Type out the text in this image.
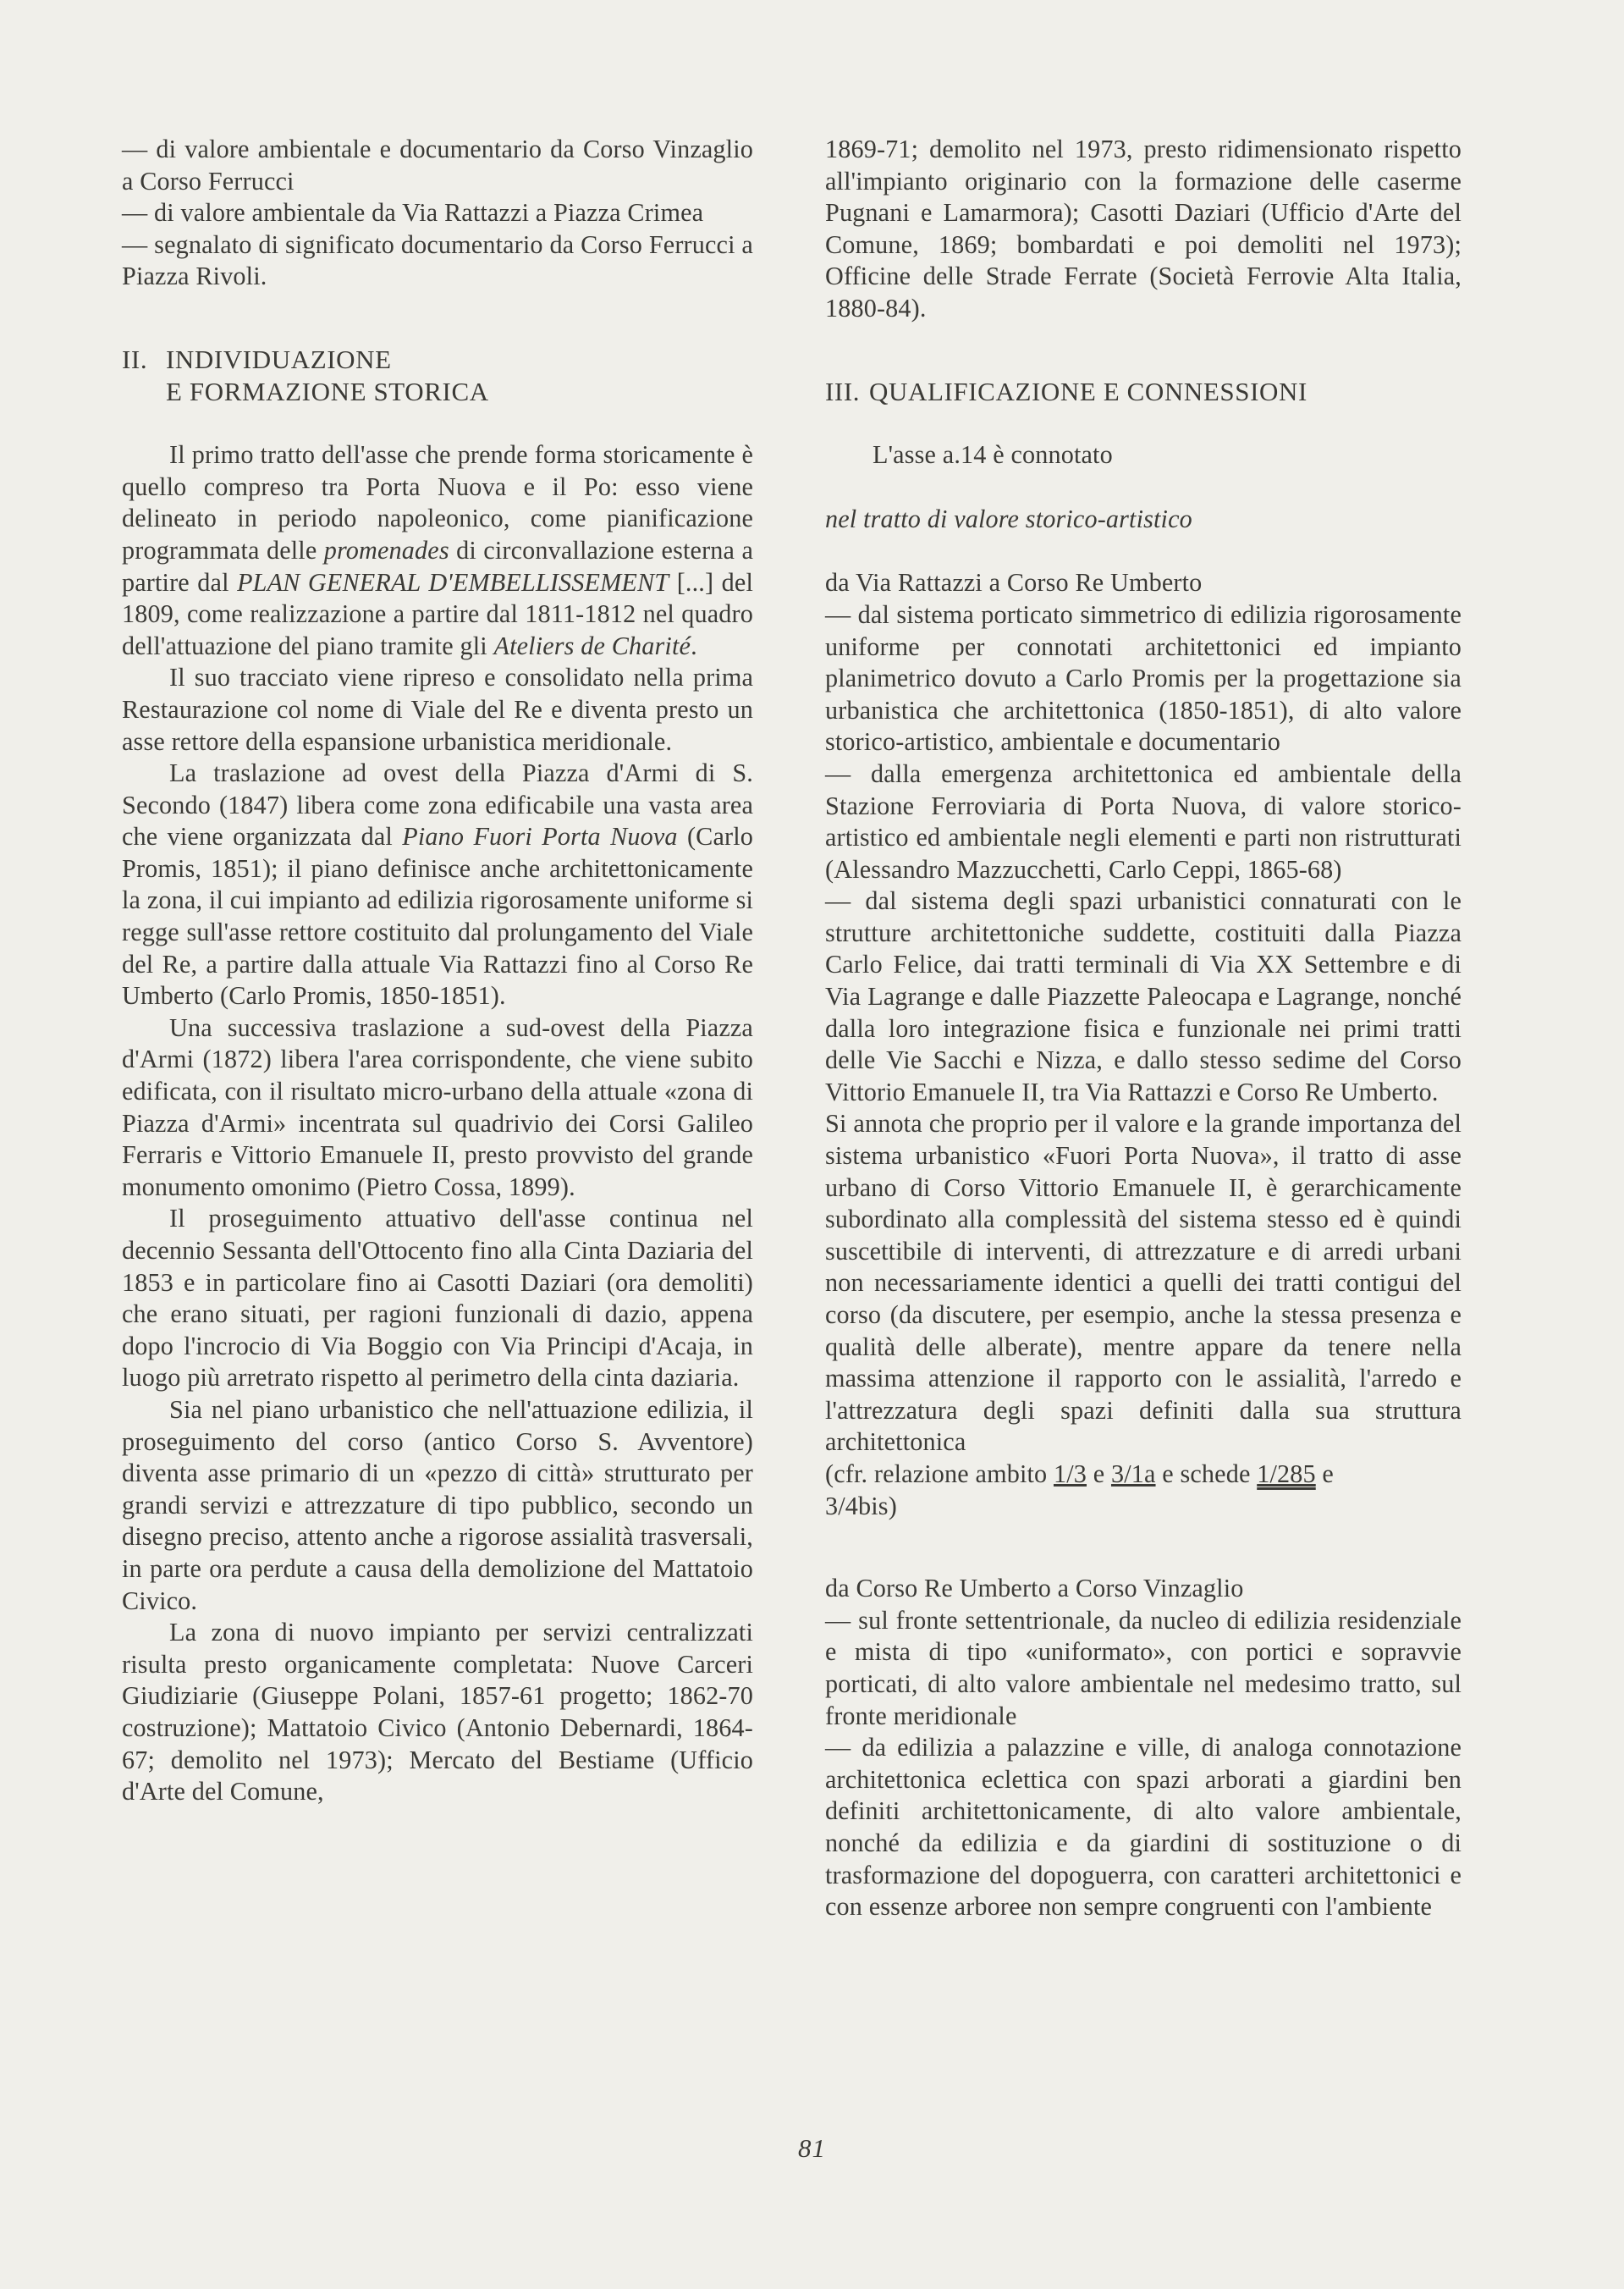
— di valore ambientale e documentario da Corso Vinzaglio a Corso Ferrucci

— di valore ambientale da Via Rattazzi a Piazza Crimea

— segnalato di significato documentario da Corso Ferrucci a Piazza Rivoli.

II. INDIVIDUAZIONE
E FORMAZIONE STORICA

Il primo tratto dell'asse che prende forma storicamente è quello compreso tra Porta Nuova e il Po: esso viene delineato in periodo napoleonico, come pianificazione programmata delle promenades di circonvallazione esterna a partire dal PLAN GENERAL D'EMBELLISSEMENT [...] del 1809, come realizzazione a partire dal 1811-1812 nel quadro dell'attuazione del piano tramite gli Ateliers de Charité.

Il suo tracciato viene ripreso e consolidato nella prima Restaurazione col nome di Viale del Re e diventa presto un asse rettore della espansione urbanistica meridionale.

La traslazione ad ovest della Piazza d'Armi di S. Secondo (1847) libera come zona edificabile una vasta area che viene organizzata dal Piano Fuori Porta Nuova (Carlo Promis, 1851); il piano definisce anche architettonicamente la zona, il cui impianto ad edilizia rigorosamente uniforme si regge sull'asse rettore costituito dal prolungamento del Viale del Re, a partire dalla attuale Via Rattazzi fino al Corso Re Umberto (Carlo Promis, 1850-1851).

Una successiva traslazione a sud-ovest della Piazza d'Armi (1872) libera l'area corrispondente, che viene subito edificata, con il risultato micro-urbano della attuale «zona di Piazza d'Armi» incentrata sul quadrivio dei Corsi Galileo Ferraris e Vittorio Emanuele II, presto provvisto del grande monumento omonimo (Pietro Cossa, 1899).

Il proseguimento attuativo dell'asse continua nel decennio Sessanta dell'Ottocento fino alla Cinta Daziaria del 1853 e in particolare fino ai Casotti Daziari (ora demoliti) che erano situati, per ragioni funzionali di dazio, appena dopo l'incrocio di Via Boggio con Via Principi d'Acaja, in luogo più arretrato rispetto al perimetro della cinta daziaria.

Sia nel piano urbanistico che nell'attuazione edilizia, il proseguimento del corso (antico Corso S. Avventore) diventa asse primario di un «pezzo di città» strutturato per grandi servizi e attrezzature di tipo pubblico, secondo un disegno preciso, attento anche a rigorose assialità trasversali, in parte ora perdute a causa della demolizione del Mattatoio Civico.

La zona di nuovo impianto per servizi centralizzati risulta presto organicamente completata: Nuove Carceri Giudiziarie (Giuseppe Polani, 1857-61 progetto; 1862-70 costruzione); Mattatoio Civico (Antonio Debernardi, 1864-67; demolito nel 1973); Mercato del Bestiame (Ufficio d'Arte del Comune,

1869-71; demolito nel 1973, presto ridimensionato rispetto all'impianto originario con la formazione delle caserme Pugnani e Lamarmora); Casotti Daziari (Ufficio d'Arte del Comune, 1869; bombardati e poi demoliti nel 1973); Officine delle Strade Ferrate (Società Ferrovie Alta Italia, 1880-84).

III. QUALIFICAZIONE E CONNESSIONI

L'asse a.14 è connotato

nel tratto di valore storico-artistico

da Via Rattazzi a Corso Re Umberto

— dal sistema porticato simmetrico di edilizia rigorosamente uniforme per connotati architettonici ed impianto planimetrico dovuto a Carlo Promis per la progettazione sia urbanistica che architettonica (1850-1851), di alto valore storico-artistico, ambientale e documentario

— dalla emergenza architettonica ed ambientale della Stazione Ferroviaria di Porta Nuova, di valore storico-artistico ed ambientale negli elementi e parti non ristrutturati (Alessandro Mazzucchetti, Carlo Ceppi, 1865-68)

— dal sistema degli spazi urbanistici connaturati con le strutture architettoniche suddette, costituiti dalla Piazza Carlo Felice, dai tratti terminali di Via XX Settembre e di Via Lagrange e dalle Piazzette Paleocapa e Lagrange, nonché dalla loro integrazione fisica e funzionale nei primi tratti delle Vie Sacchi e Nizza, e dallo stesso sedime del Corso Vittorio Emanuele II, tra Via Rattazzi e Corso Re Umberto.

Si annota che proprio per il valore e la grande importanza del sistema urbanistico «Fuori Porta Nuova», il tratto di asse urbano di Corso Vittorio Emanuele II, è gerarchicamente subordinato alla complessità del sistema stesso ed è quindi suscettibile di interventi, di attrezzature e di arredi urbani non necessariamente identici a quelli dei tratti contigui del corso (da discutere, per esempio, anche la stessa presenza e qualità delle alberate), mentre appare da tenere nella massima attenzione il rapporto con le assialità, l'arredo e l'attrezzatura degli spazi definiti dalla sua struttura architettonica

(cfr. relazione ambito 1/3 e 3/1a e schede 1/285 e
3/4bis)

da Corso Re Umberto a Corso Vinzaglio

— sul fronte settentrionale, da nucleo di edilizia residenziale e mista di tipo «uniformato», con portici e sopravvie porticati, di alto valore ambientale nel medesimo tratto, sul fronte meridionale

— da edilizia a palazzine e ville, di analoga connotazione architettonica eclettica con spazi arborati a giardini ben definiti architettonicamente, di alto valore ambientale, nonché da edilizia e da giardini di sostituzione o di trasformazione del dopoguerra, con caratteri architettonici e con essenze arboree non sempre congruenti con l'ambiente

81
